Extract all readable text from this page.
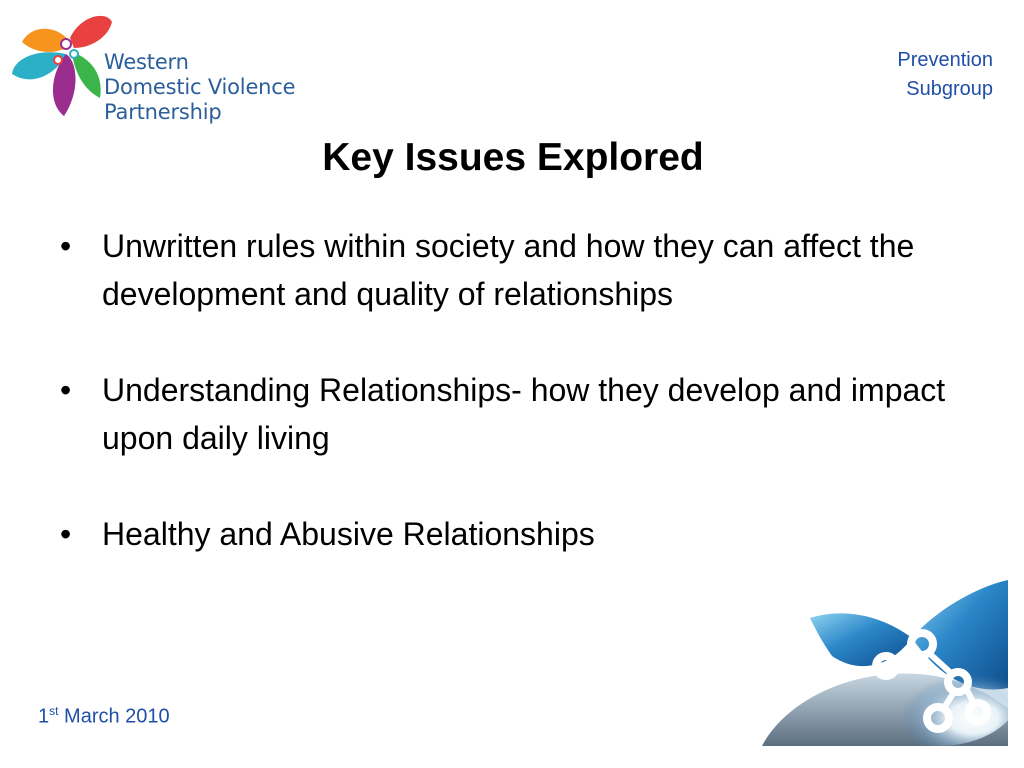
Western
Domestic Violence
Partnership
Prevention
Subgroup
Key Issues Explored
• Unwritten rules within society and how they can affect the development and quality of relationships
• Understanding Relationships- how they develop and impact upon daily living
• Healthy and Abusive Relationships
1st March 2010
